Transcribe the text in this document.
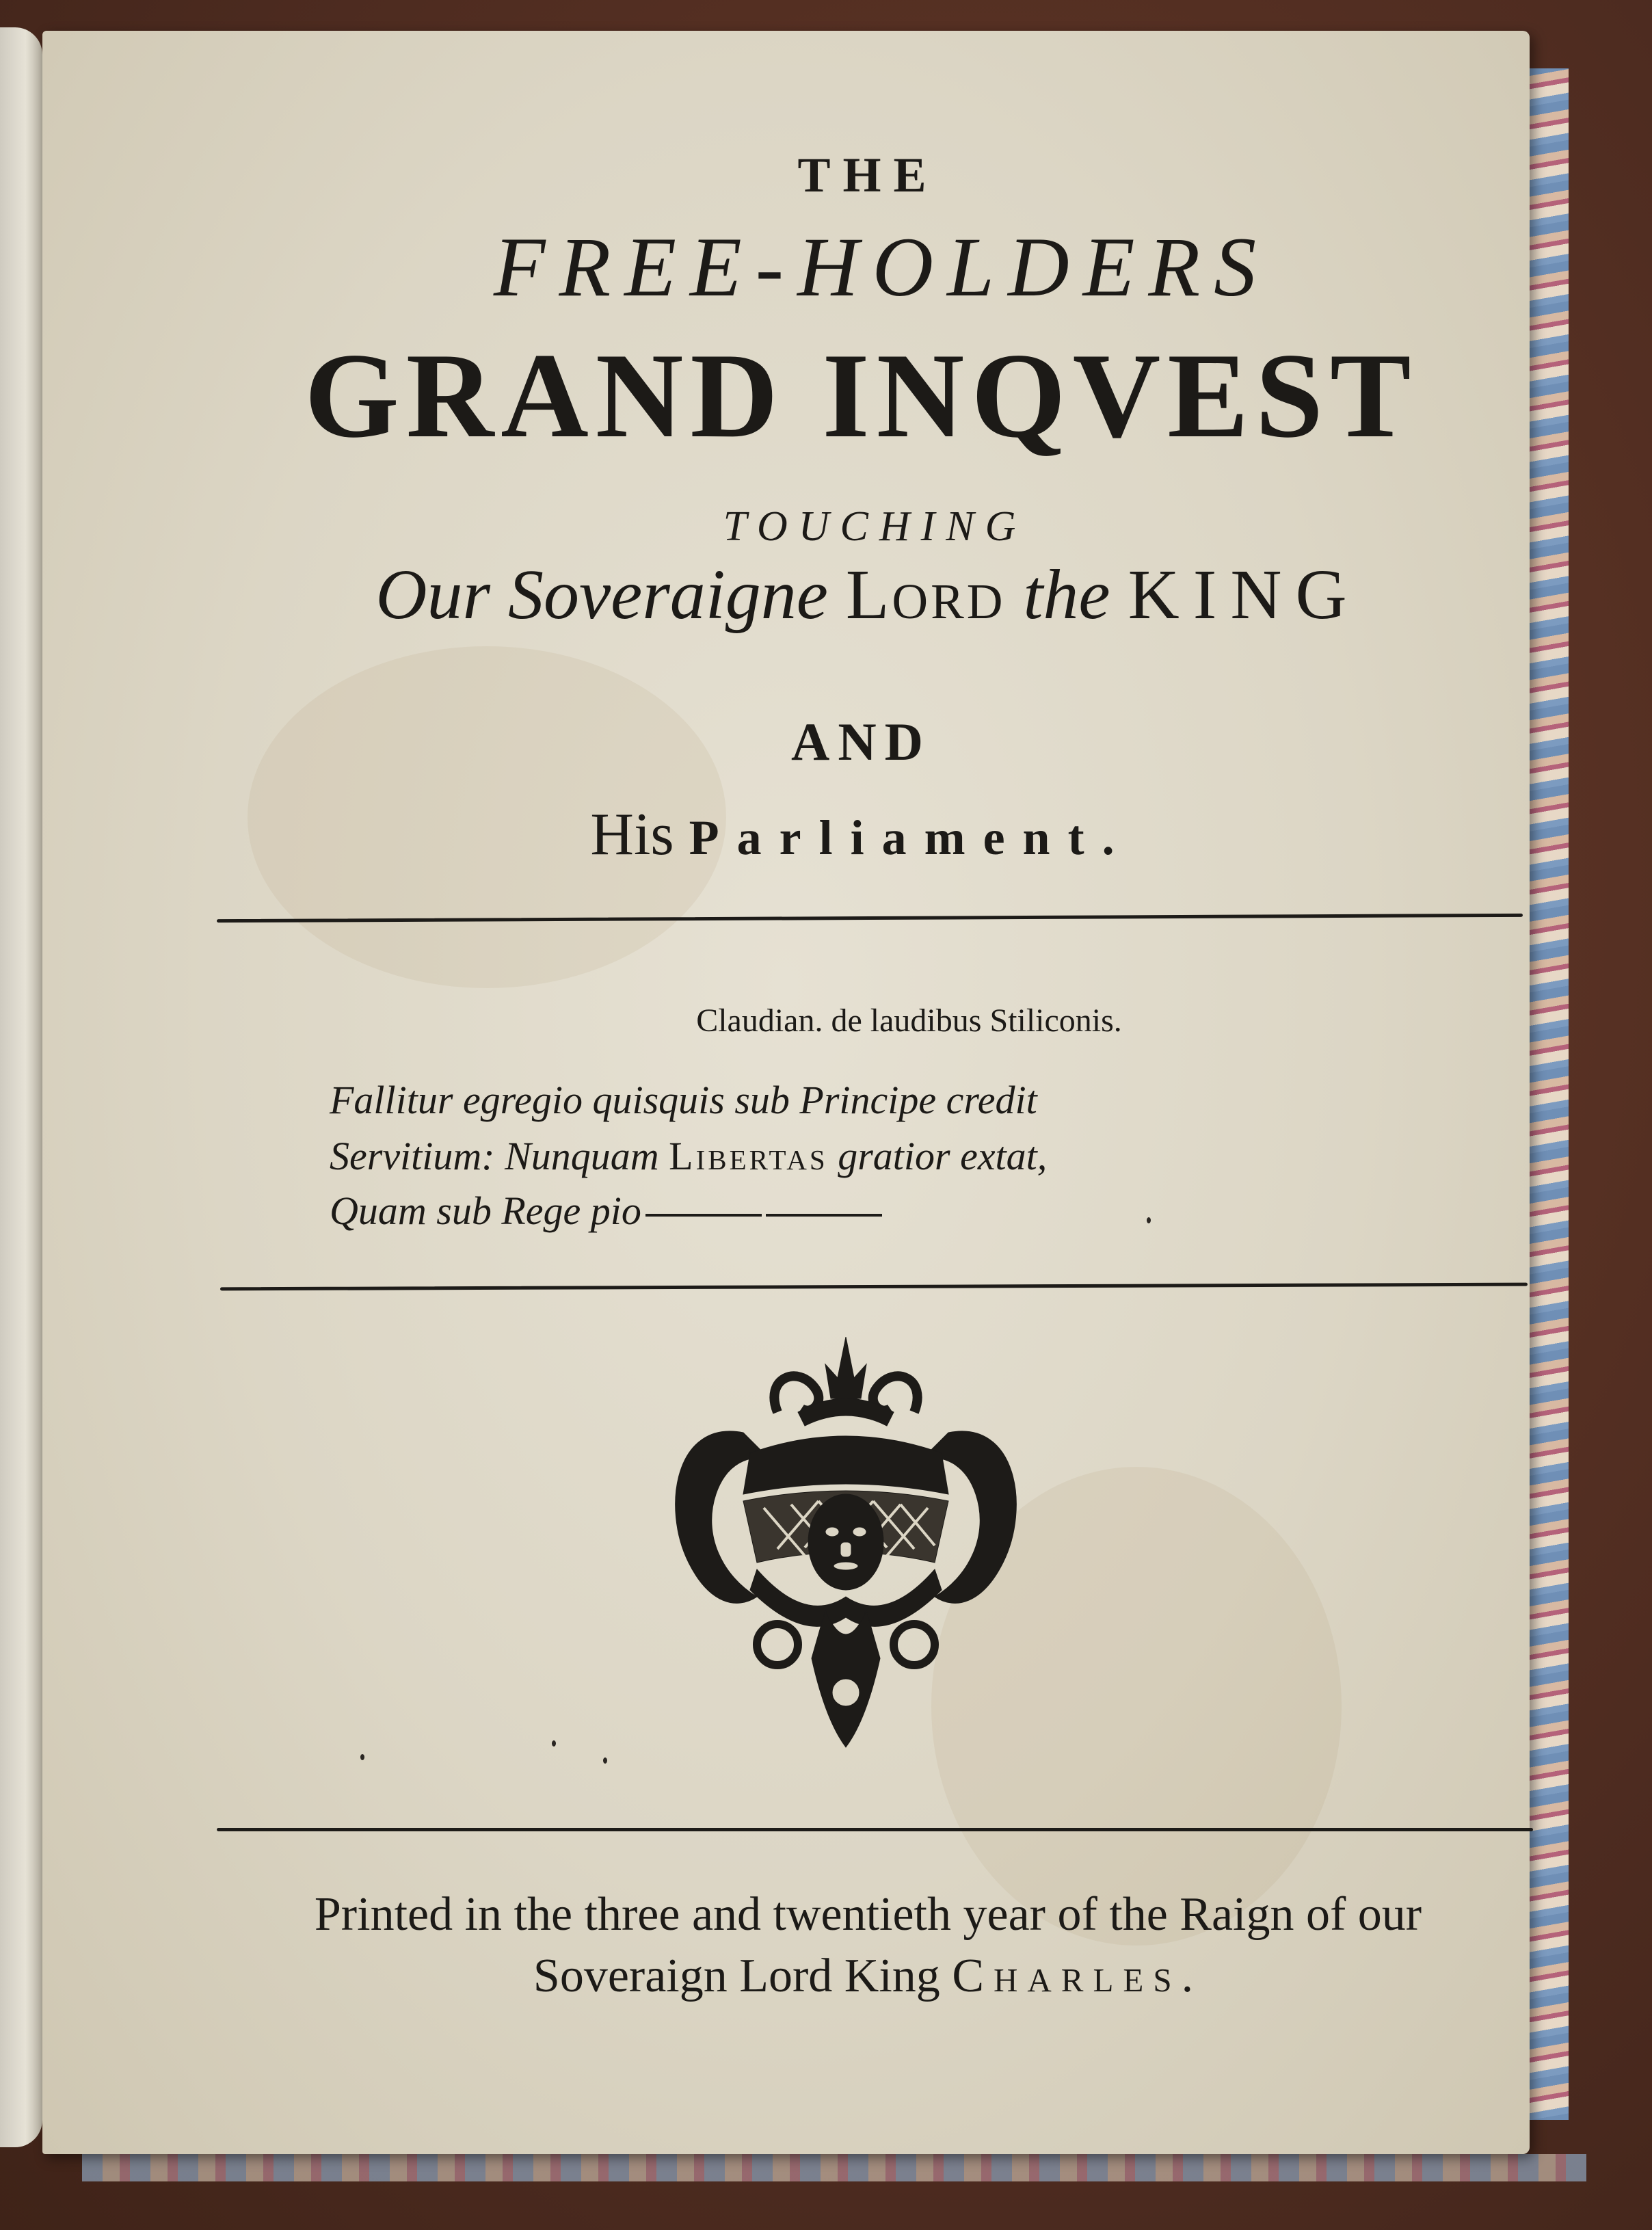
THE
FREE-HOLDERS
GRAND INQVEST
TOUCHING
Our Soveraigne Lord the KING
AND
His Parliament.
Claudian. de laudibus Stiliconis.
Fallitur egregio quisquis sub Principe credit
Servitium: Nunquam Libertas gratior extat,
Quam sub Rege pio
Printed in the three and twentieth year of the Raign of our
Soveraign Lord King Charles.
